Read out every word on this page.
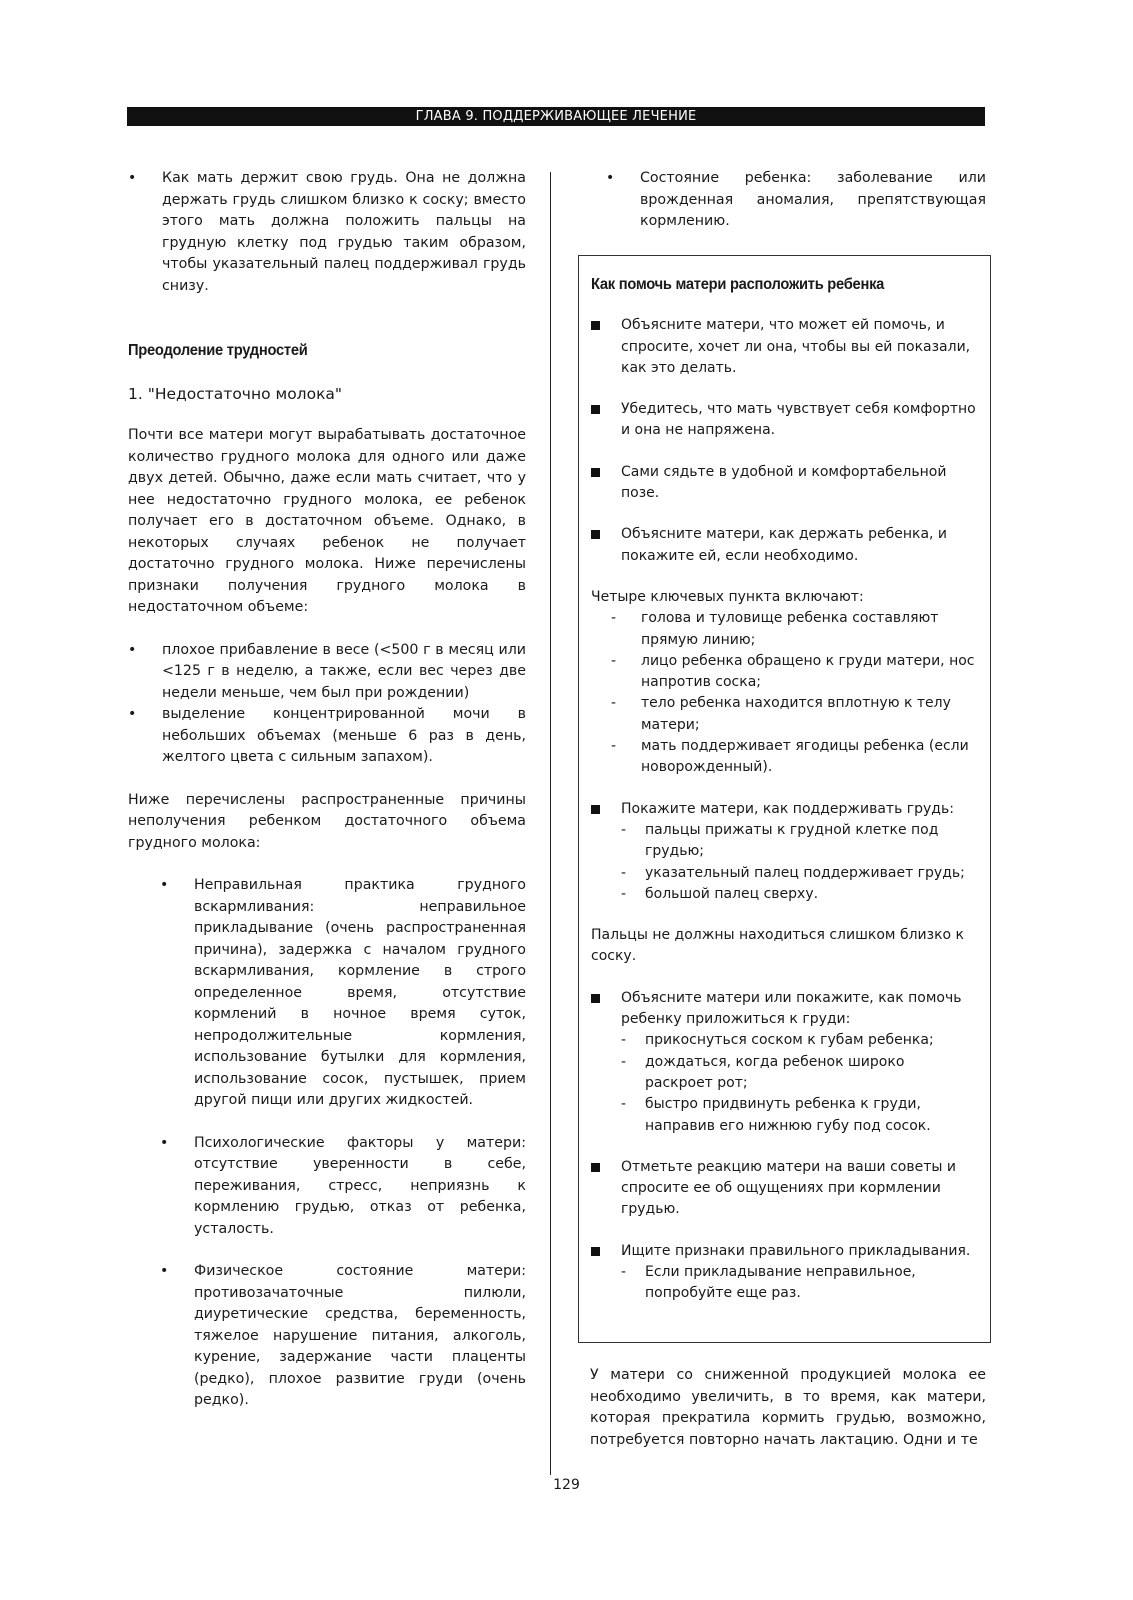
ГЛАВА 9. ПОДДЕРЖИВАЮЩЕЕ ЛЕЧЕНИЕ
• Как мать держит свою грудь. Она не должна держать грудь слишком близко к соску; вместо этого мать должна положить пальцы на грудную клетку под грудью таким образом, чтобы указательный палец поддерживал грудь снизу.
Преодоление трудностей
1. "Недостаточно молока"

Почти все матери могут вырабатывать достаточное количество грудного молока для одного или даже двух детей. Обычно, даже если мать считает, что у нее недостаточно грудного молока, ее ребенок получает его в достаточном объеме. Однако, в некоторых случаях ребенок не получает достаточно грудного молока. Ниже перечислены признаки получения грудного молока в недостаточном объеме:

• плохое прибавление в весе (<500 г в месяц или <125 г в неделю, а также, если вес через две недели меньше, чем был при рождении)
• выделение концентрированной мочи в небольших объемах (меньше 6 раз в день, желтого цвета с сильным запахом).

Ниже перечислены распространенные причины неполучения ребенком достаточного объема грудного молока:

• Неправильная практика грудного вскармливания: неправильное прикладывание (очень распространенная причина), задержка с началом грудного вскармливания, кормление в строго определенное время, отсутствие кормлений в ночное время суток, непродолжительные кормления, использование бутылки для кормления, использование сосок, пустышек, прием другой пищи или других жидкостей.
• Психологические факторы у матери: отсутствие уверенности в себе, переживания, стресс, неприязнь к кормлению грудью, отказ от ребенка, усталость.
• Физическое состояние матери: противозачаточные пилюли, диуретические средства, беременность, тяжелое нарушение питания, алкоголь, курение, задержание части плаценты (редко), плохое развитие груди (очень редко).
• Состояние ребенка: заболевание или врожденная аномалия, препятствующая кормлению.
Как помочь матери расположить ребенка
Объясните матери, что может ей помочь, и спросите, хочет ли она, чтобы вы ей показали, как это делать.
Убедитесь, что мать чувствует себя комфортно и она не напряжена.
Сами сядьте в удобной и комфортабельной позе.
Объясните матери, как держать ребенка, и покажите ей, если необходимо.
Четыре ключевых пункта включают:
- голова и туловище ребенка составляют прямую линию;
- лицо ребенка обращено к груди матери, нос напротив соска;
- тело ребенка находится вплотную к телу матери;
- мать поддерживает ягодицы ребенка (если новорожденный).
Покажите матери, как поддерживать грудь:
- пальцы прижаты к грудной клетке под грудью;
- указательный палец поддерживает грудь;
- большой палец сверху.
Пальцы не должны находиться слишком близко к соску.
Объясните матери или покажите, как помочь ребенку приложиться к груди:
- прикоснуться соском к губам ребенка;
- дождаться, когда ребенок широко раскроет рот;
- быстро придвинуть ребенка к груди, направив его нижнюю губу под сосок.
Отметьте реакцию матери на ваши советы и спросите ее об ощущениях при кормлении грудью.
Ищите признаки правильного прикладывания.
- Если прикладывание неправильное, попробуйте еще раз.

У матери со сниженной продукцией молока ее необходимо увеличить, в то время, как матери, которая прекратила кормить грудью, возможно, потребуется повторно начать лактацию. Одни и те

129
